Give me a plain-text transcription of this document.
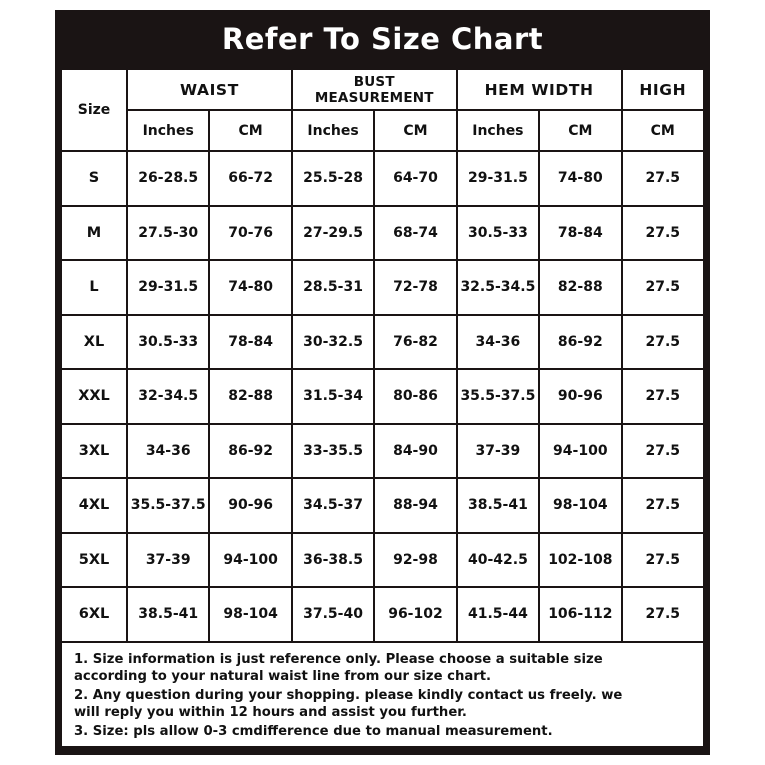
Refer To Size Chart
Size	WAIST		BUST MEASUREMENT		HEM WIDTH		HIGH
	Inches	CM	Inches	CM	Inches	CM	CM
S	26-28.5	66-72	25.5-28	64-70	29-31.5	74-80	27.5
M	27.5-30	70-76	27-29.5	68-74	30.5-33	78-84	27.5
L	29-31.5	74-80	28.5-31	72-78	32.5-34.5	82-88	27.5
XL	30.5-33	78-84	30-32.5	76-82	34-36	86-92	27.5
XXL	32-34.5	82-88	31.5-34	80-86	35.5-37.5	90-96	27.5
3XL	34-36	86-92	33-35.5	84-90	37-39	94-100	27.5
4XL	35.5-37.5	90-96	34.5-37	88-94	38.5-41	98-104	27.5
5XL	37-39	94-100	36-38.5	92-98	40-42.5	102-108	27.5
6XL	38.5-41	98-104	37.5-40	96-102	41.5-44	106-112	27.5

1. Size information is just reference only. Please choose a suitable size

according to your natural waist line from our size chart.

2. Any question during your shopping. please kindly contact us freely. we

will reply you within 12 hours and assist you further.

3. Size: pls allow 0-3 cmdifference due to manual measurement.
